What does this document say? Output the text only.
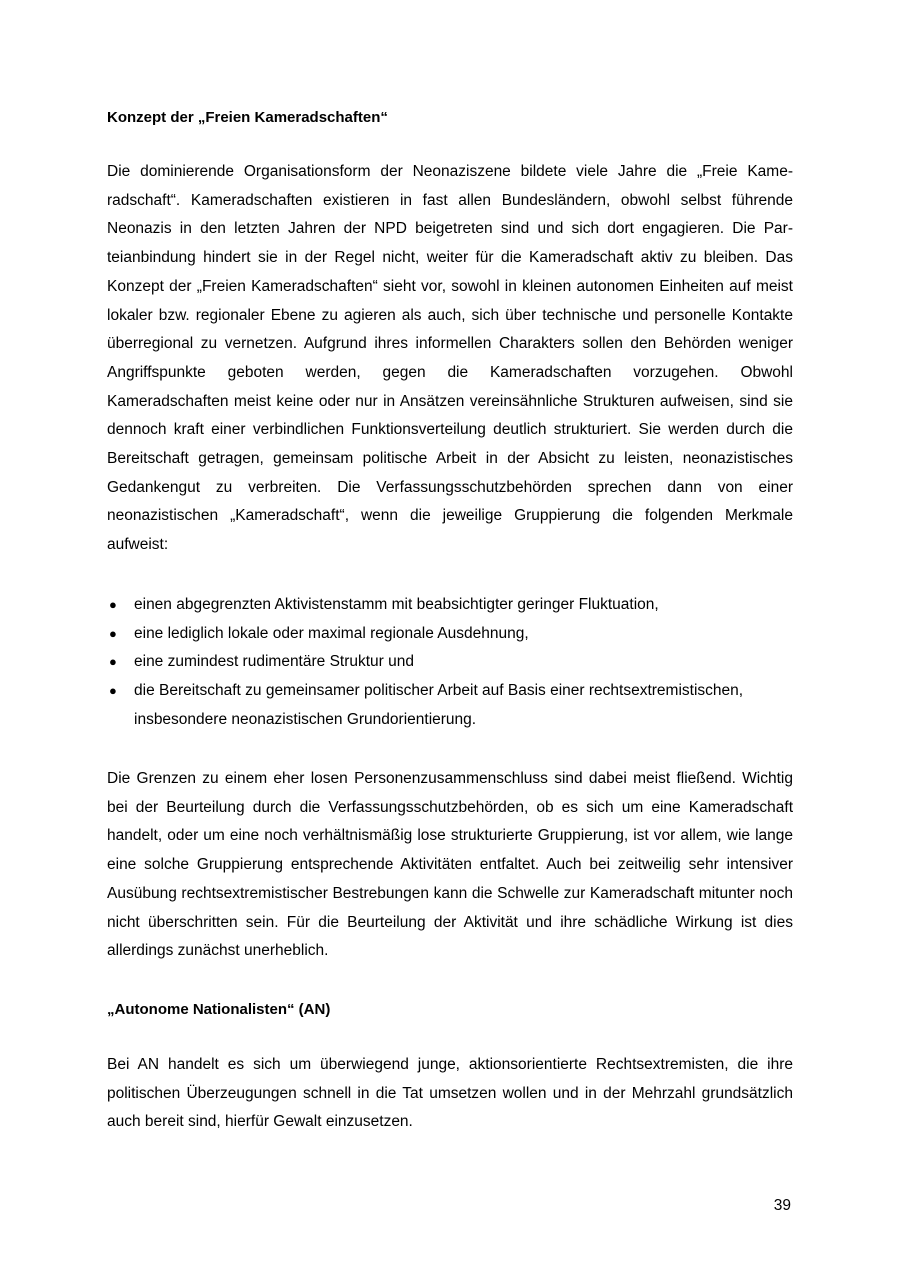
Konzept der „Freien Kameradschaften“

Die dominierende Organisationsform der Neonaziszene bildete viele Jahre die „Freie Kameradschaft“. Kameradschaften existieren in fast allen Bundesländern, obwohl selbst führende Neonazis in den letzten Jahren der NPD beigetreten sind und sich dort engagieren. Die Parteianbindung hindert sie in der Regel nicht, weiter für die Kameradschaft aktiv zu bleiben. Das Konzept der „Freien Kameradschaften“ sieht vor, sowohl in kleinen autonomen Einheiten auf meist lokaler bzw. regionaler Ebene zu agieren als auch, sich über technische und personelle Kontakte überregional zu vernetzen. Aufgrund ihres informellen Charakters sollen den Behörden weniger Angriffspunkte geboten werden, gegen die Kameradschaften vorzugehen. Obwohl Kameradschaften meist keine oder nur in Ansätzen vereinsähnliche Strukturen aufweisen, sind sie dennoch kraft einer verbindlichen Funktionsverteilung deutlich strukturiert. Sie werden durch die Bereitschaft getragen, gemeinsam politische Arbeit in der Absicht zu leisten, neonazistisches Gedankengut zu verbreiten. Die Verfassungsschutzbehörden sprechen dann von einer neonazistischen „Kameradschaft“, wenn die jeweilige Gruppierung die folgenden Merkmale aufweist:

● einen abgegrenzten Aktivistenstamm mit beabsichtigter geringer Fluktuation,
● eine lediglich lokale oder maximal regionale Ausdehnung,
● eine zumindest rudimentäre Struktur und
● die Bereitschaft zu gemeinsamer politischer Arbeit auf Basis einer rechtsextremistischen, insbesondere neonazistischen Grundorientierung.

Die Grenzen zu einem eher losen Personenzusammenschluss sind dabei meist fließend. Wichtig bei der Beurteilung durch die Verfassungsschutzbehörden, ob es sich um eine Kameradschaft handelt, oder um eine noch verhältnismäßig lose strukturierte Gruppierung, ist vor allem, wie lange eine solche Gruppierung entsprechende Aktivitäten entfaltet. Auch bei zeitweilig sehr intensiver Ausübung rechtsextremistischer Bestrebungen kann die Schwelle zur Kameradschaft mitunter noch nicht überschritten sein. Für die Beurteilung der Aktivität und ihre schädliche Wirkung ist dies allerdings zunächst unerheblich.

„Autonome Nationalisten“ (AN)

Bei AN handelt es sich um überwiegend junge, aktionsorientierte Rechtsextremisten, die ihre politischen Überzeugungen schnell in die Tat umsetzen wollen und in der Mehrzahl grundsätzlich auch bereit sind, hierfür Gewalt einzusetzen.

39
